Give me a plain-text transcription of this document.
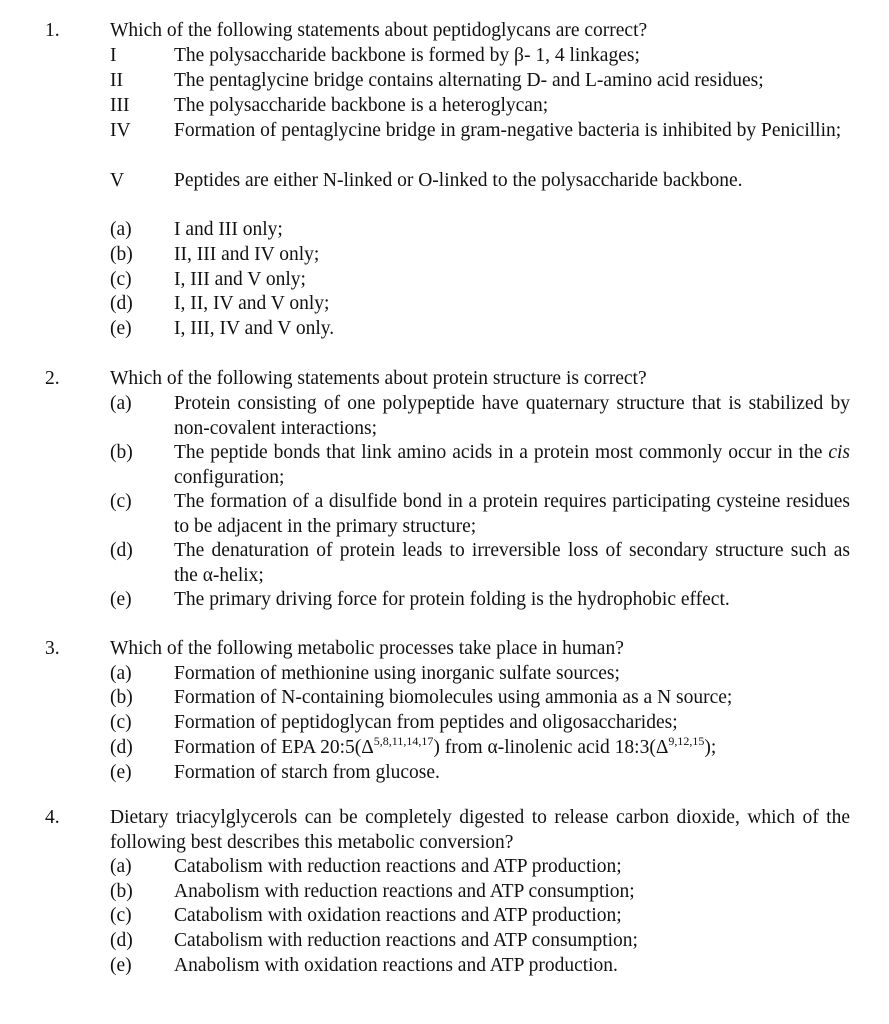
1.	Which of the following statements about peptidoglycans are correct?
I	The polysaccharide backbone is formed by β- 1, 4 linkages;
II	The pentaglycine bridge contains alternating D- and L-amino acid residues;
III The polysaccharide backbone is a heteroglycan;
IV Formation of pentaglycine bridge in gram-negative bacteria is inhibited by Penicillin;
V	Peptides are either N-linked or O-linked to the polysaccharide backbone.
(a) I and III only;
(b) II, III and IV only;
(c) I, III and V only;
(d) I, II, IV and V only;
(e) I, III, IV and V only.
2.	Which of the following statements about protein structure is correct?
(a) Protein consisting of one polypeptide have quaternary structure that is stabilized by non-covalent interactions;
(b) The peptide bonds that link amino acids in a protein most commonly occur in the cis configuration;
(c) The formation of a disulfide bond in a protein requires participating cysteine residues to be adjacent in the primary structure;
(d) The denaturation of protein leads to irreversible loss of secondary structure such as the α-helix;
(e) The primary driving force for protein folding is the hydrophobic effect.
3.	Which of the following metabolic processes take place in human?
(a) Formation of methionine using inorganic sulfate sources;
(b) Formation of N-containing biomolecules using ammonia as a N source;
(c) Formation of peptidoglycan from peptides and oligosaccharides;
(d) Formation of EPA $20:5(\Delta^{5,8,11,14,17})$ from α-linolenic acid $18:3(\Delta^{9,12,15})$;
(e) Formation of starch from glucose.
4.	Dietary triacylglycerols can be completely digested to release carbon dioxide, which of the following best describes this metabolic conversion?
(a) Catabolism with reduction reactions and ATP production;
(b) Anabolism with reduction reactions and ATP consumption;
(c) Catabolism with oxidation reactions and ATP production;
(d) Catabolism with reduction reactions and ATP consumption;
(e) Anabolism with oxidation reactions and ATP production.
